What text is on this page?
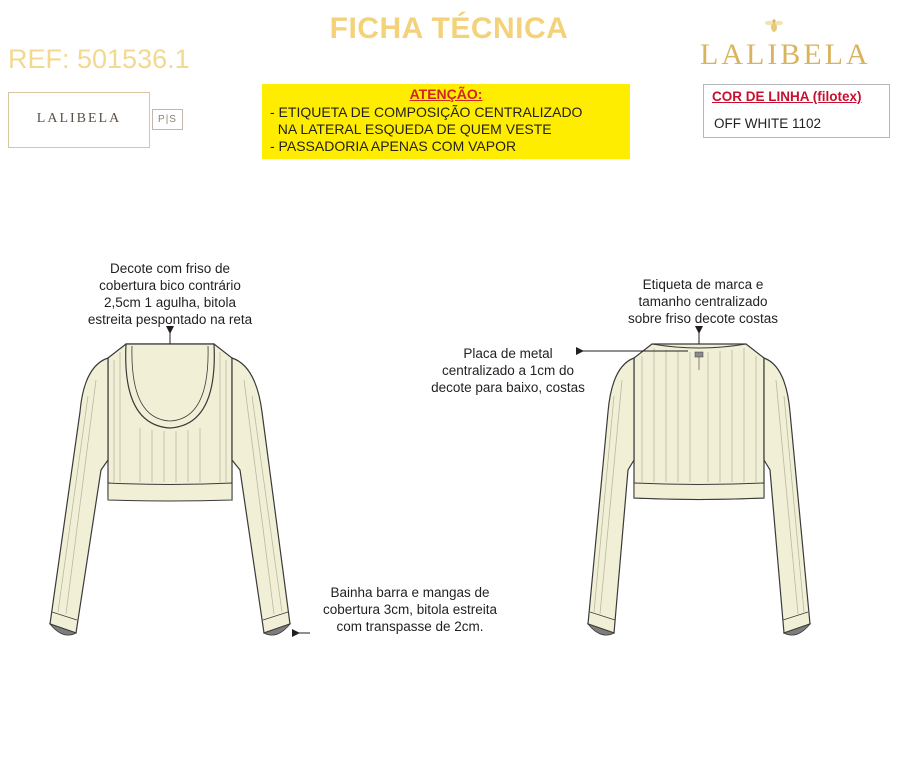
FICHA TÉCNICA
REF: 501536.1	LALIBELA
LALIBELA	P|S
ATENÇÃO:
- ETIQUETA DE COMPOSIÇÃO CENTRALIZADO
NA LATERAL ESQUEDA DE QUEM VESTE
- PASSADORIA APENAS COM VAPOR
COR DE LINHA (filotex)
OFF WHITE 1102
Decote com friso de
cobertura bico contrário
2,5cm 1 agulha, bitola
estreita pespontado na reta
Bainha barra e mangas de
cobertura 3cm, bitola estreita
com transpasse de 2cm.
Etiqueta de marca e
tamanho centralizado
sobre friso decote costas
Placa de metal
centralizado a 1cm do
decote para baixo, costas
